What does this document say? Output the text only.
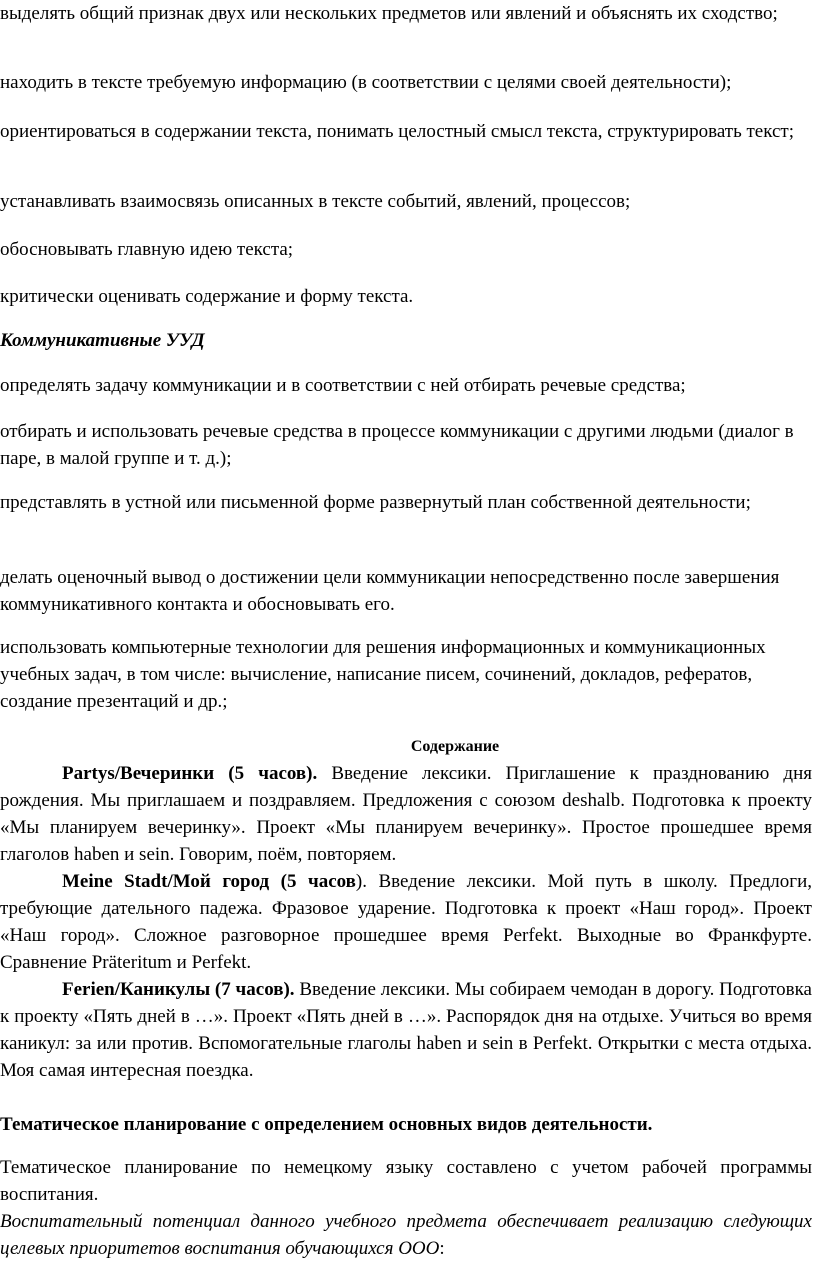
выделять общий признак двух или нескольких предметов или явлений и объяснять их сходство;

находить в тексте требуемую информацию (в соответствии с целями своей деятельности);

ориентироваться в содержании текста, понимать целостный смысл текста, структурировать текст;

устанавливать взаимосвязь описанных в тексте событий, явлений, процессов;

обосновывать главную идею текста;

критически оценивать содержание и форму текста.

Коммуникативные УУД

определять задачу коммуникации и в соответствии с ней отбирать речевые средства;

отбирать и использовать речевые средства в процессе коммуникации с другими людьми (диалог в паре, в малой группе и т. д.);

представлять в устной или письменной форме развернутый план собственной деятельности;

делать оценочный вывод о достижении цели коммуникации непосредственно после завершения коммуникативного контакта и обосновывать его.

использовать компьютерные технологии для решения информационных и коммуникационных учебных задач, в том числе: вычисление, написание писем, сочинений, докладов, рефератов, создание презентаций и др.;

Содержание

Partys/Вечеринки (5 часов). Введение лексики. Приглашение к празднованию дня рождения. Мы приглашаем и поздравляем. Предложения с союзом deshalb. Подготовка к проекту «Мы планируем вечеринку». Проект «Мы планируем вечеринку». Простое прошедшее время глаголов haben и sein. Говорим, поём, повторяем.

Meine Stadt/Мой город (5 часов). Введение лексики. Мой путь в школу. Предлоги, требующие дательного падежа. Фразовое ударение. Подготовка к проект «Наш город». Проект «Наш город». Сложное разговорное прошедшее время Perfekt. Выходные во Франкфурте. Сравнение Präteritum и Perfekt.

Ferien/Каникулы (7 часов). Введение лексики. Мы собираем чемодан в дорогу. Подготовка к проекту «Пять дней в …». Проект «Пять дней в …». Распорядок дня на отдыхе. Учиться во время каникул: за или против. Вспомогательные глаголы haben и sein в Perfekt. Открытки с места отдыха. Моя самая интересная поездка.

Тематическое планирование с определением основных видов деятельности.

Тематическое планирование по немецкому языку составлено с учетом рабочей программы воспитания.

Воспитательный потенциал данного учебного предмета обеспечивает реализацию следующих целевых приоритетов воспитания обучающихся ООО:
